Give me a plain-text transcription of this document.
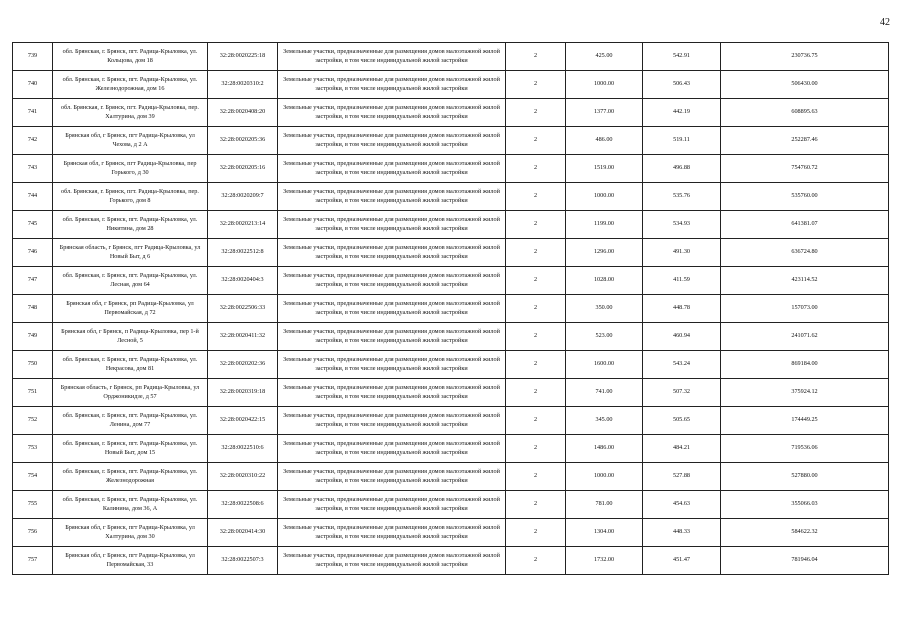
42
739	обл. Брянская, г. Брянск, пгт. Радица-Крыловка, ул. Кольцова, дом 18	32:28:0020225:18	Земельные участки, предназначенные для размещения домов малоэтажной жилой застройки, в том числе индивидуальной жилой застройки	2	425.00	542.91	230736.75
740	обл. Брянская, г. Брянск, пгт. Радица-Крыловка, ул. Железнодорожная, дом 16	32:28:0020310:2	Земельные участки, предназначенные для размещения домов малоэтажной жилой застройки, в том числе индивидуальной жилой застройки	2	1000.00	506.43	506430.00
741	обл. Брянская, г. Брянск, пгт. Радица-Крыловка, пер. Халтурина, дом 39	32:28:0020408:20	Земельные участки, предназначенные для размещения домов малоэтажной жилой застройки, в том числе индивидуальной жилой застройки	2	1377.00	442.19	608895.63
742	Брянская обл, г Брянск, пгт Радица-Крыловка, ул Чехова, д 2 А	32:28:0020205:36	Земельные участки, предназначенные для размещения домов малоэтажной жилой застройки, в том числе индивидуальной жилой застройки	2	486.00	519.11	252287.46
743	Брянская обл, г Брянск, пгт Радица-Крыловка, пер Горького, д 30	32:28:0020205:16	Земельные участки, предназначенные для размещения домов малоэтажной жилой застройки, в том числе индивидуальной жилой застройки	2	1519.00	496.88	754760.72
744	обл. Брянская, г. Брянск, пгт. Радица-Крыловка, пер. Горького, дом 8	32:28:0020209:7	Земельные участки, предназначенные для размещения домов малоэтажной жилой застройки, в том числе индивидуальной жилой застройки	2	1000.00	535.76	535760.00
745	обл. Брянская, г. Брянск, пгт. Радица-Крыловка, ул. Никитина, дом 28	32:28:0020213:14	Земельные участки, предназначенные для размещения домов малоэтажной жилой застройки, в том числе индивидуальной жилой застройки	2	1199.00	534.93	641381.07
746	Брянская область, г Брянск, пгт Радица-Крыловка, ул Новый Быт, д 6	32:28:0022512:8	Земельные участки, предназначенные для размещения домов малоэтажной жилой застройки, в том числе индивидуальной жилой застройки	2	1296.00	491.30	636724.80
747	обл. Брянская, г. Брянск, пгт. Радица-Крыловка, ул. Лесная, дом 64	32:28:0020404:3	Земельные участки, предназначенные для размещения домов малоэтажной жилой застройки, в том числе индивидуальной жилой застройки	2	1028.00	411.59	423114.52
748	Брянская обл, г Брянск, рп Радица-Крыловка, ул Первомайская, д 72	32:28:0022506:33	Земельные участки, предназначенные для размещения домов малоэтажной жилой застройки, в том числе индивидуальной жилой застройки	2	350.00	448.78	157073.00
749	Брянская обл, г Брянск, п Радица-Крыловка, пер 1-й Лесной, 5	32:28:0020411:32	Земельные участки, предназначенные для размещения домов малоэтажной жилой застройки, в том числе индивидуальной жилой застройки	2	523.00	460.94	241071.62
750	обл. Брянская, г. Брянск, пгт. Радица-Крыловка, ул. Некрасова, дом 81	32:28:0020202:36	Земельные участки, предназначенные для размещения домов малоэтажной жилой застройки, в том числе индивидуальной жилой застройки	2	1600.00	543.24	869184.00
751	Брянская область, г Брянск, рп Радица-Крыловка, ул Орджоникидзе, д 57	32:28:0020319:18	Земельные участки, предназначенные для размещения домов малоэтажной жилой застройки, в том числе индивидуальной жилой застройки	2	741.00	507.32	375924.12
752	обл. Брянская, г. Брянск, пгт. Радица-Крыловка, ул. Ленина, дом 77	32:28:0020422:15	Земельные участки, предназначенные для размещения домов малоэтажной жилой застройки, в том числе индивидуальной жилой застройки	2	345.00	505.65	174449.25
753	обл. Брянская, г. Брянск, пгт. Радица-Крыловка, ул. Новый Быт, дом 15	32:28:0022510:6	Земельные участки, предназначенные для размещения домов малоэтажной жилой застройки, в том числе индивидуальной жилой застройки	2	1486.00	484.21	719536.06
754	обл. Брянская, г. Брянск, пгт. Радица-Крыловка, ул. Железнодорожная	32:28:0020310:22	Земельные участки, предназначенные для размещения домов малоэтажной жилой застройки, в том числе индивидуальной жилой застройки	2	1000.00	527.88	527880.00
755	обл. Брянская, г. Брянск, пгт. Радица-Крыловка, ул. Калинина, дом 36, А	32:28:0022508:6	Земельные участки, предназначенные для размещения домов малоэтажной жилой застройки, в том числе индивидуальной жилой застройки	2	781.00	454.63	355066.03
756	Брянская обл, г Брянск, пгт Радица-Крыловка, ул Халтурина, дом 30	32:28:0020414:30	Земельные участки, предназначенные для размещения домов малоэтажной жилой застройки, в том числе индивидуальной жилой застройки	2	1304.00	448.33	584622.32
757	Брянская обл, г Брянск, пгт Радица-Крыловка, ул Первомайская, 33	32:28:0022507:3	Земельные участки, предназначенные для размещения домов малоэтажной жилой застройки, в том числе индивидуальной жилой застройки	2	1732.00	451.47	781946.04
